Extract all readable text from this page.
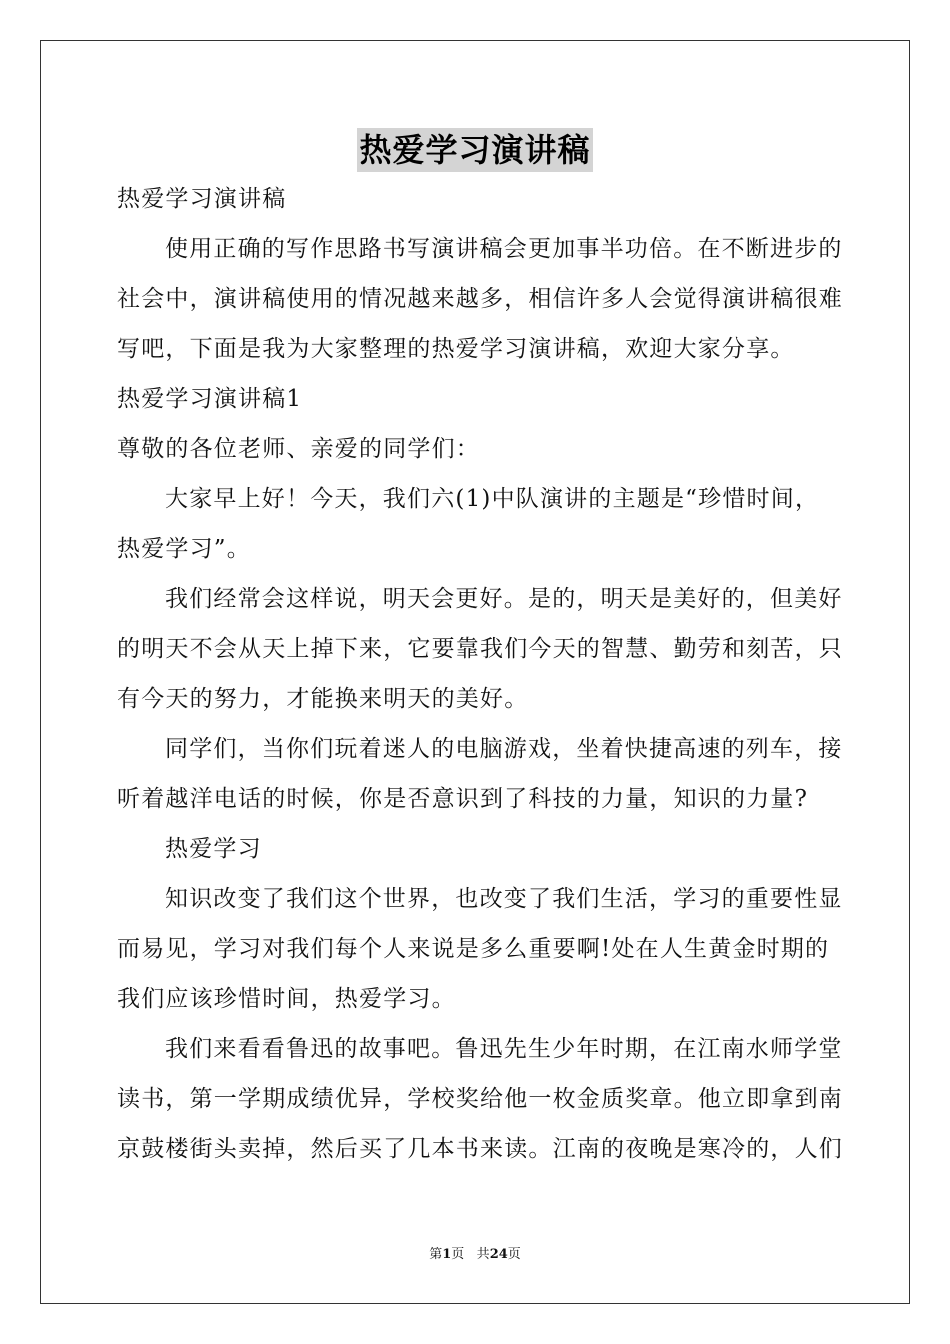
热爱学习演讲稿
热爱学习演讲稿
使用正确的写作思路书写演讲稿会更加事半功倍。在不断进步的
社会中，演讲稿使用的情况越来越多，相信许多人会觉得演讲稿很难
写吧，下面是我为大家整理的热爱学习演讲稿，欢迎大家分享。
热爱学习演讲稿1
尊敬的各位老师、亲爱的同学们：
大家早上好！今天，我们六(1)中队演讲的主题是“珍惜时间，
热爱学习”。
我们经常会这样说，明天会更好。是的，明天是美好的，但美好
的明天不会从天上掉下来，它要靠我们今天的智慧、勤劳和刻苦，只
有今天的努力，才能换来明天的美好。
同学们，当你们玩着迷人的电脑游戏，坐着快捷高速的列车，接
听着越洋电话的时候，你是否意识到了科技的力量，知识的力量?
热爱学习
知识改变了我们这个世界，也改变了我们生活，学习的重要性显
而易见，学习对我们每个人来说是多么重要啊!处在人生黄金时期的
我们应该珍惜时间，热爱学习。
我们来看看鲁迅的故事吧。鲁迅先生少年时期，在江南水师学堂
读书，第一学期成绩优异，学校奖给他一枚金质奖章。他立即拿到南
京鼓楼街头卖掉，然后买了几本书来读。江南的夜晚是寒冷的，人们
第1页 共24页
